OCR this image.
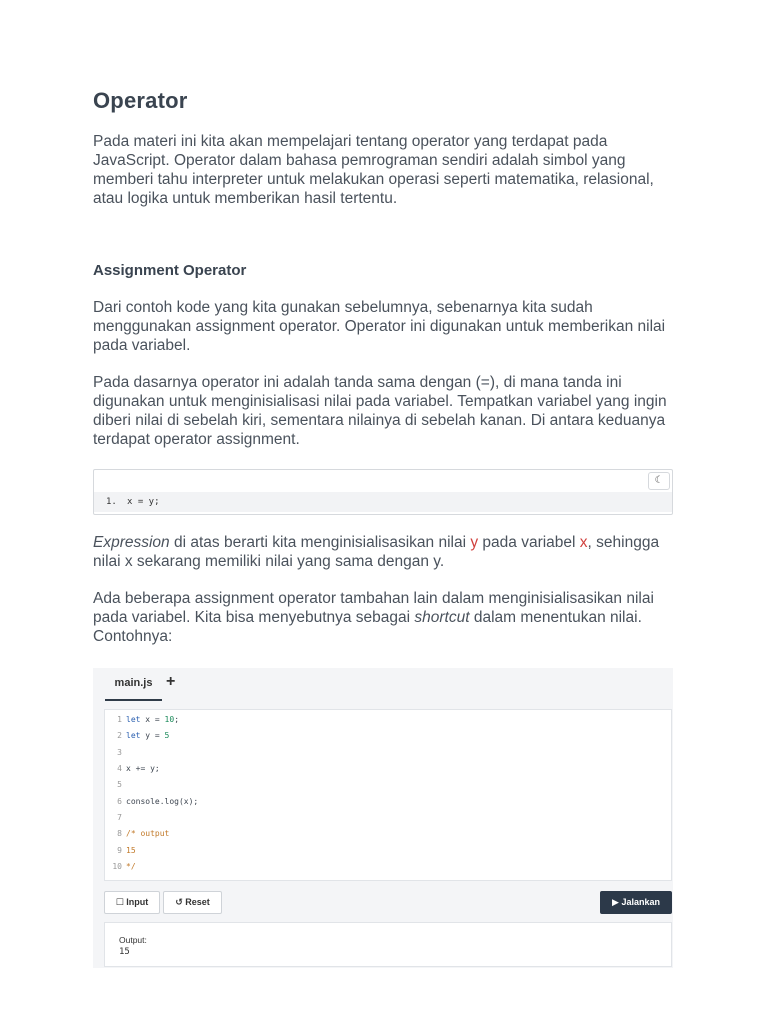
Operator

Pada materi ini kita akan mempelajari tentang operator yang terdapat pada JavaScript. Operator dalam bahasa pemrograman sendiri adalah simbol yang memberi tahu interpreter untuk melakukan operasi seperti matematika, relasional, atau logika untuk memberikan hasil tertentu.

Assignment Operator

Dari contoh kode yang kita gunakan sebelumnya, sebenarnya kita sudah menggunakan assignment operator. Operator ini digunakan untuk memberikan nilai pada variabel.

Pada dasarnya operator ini adalah tanda sama dengan (=), di mana tanda ini digunakan untuk menginisialisasi nilai pada variabel. Tempatkan variabel yang ingin diberi nilai di sebelah kiri, sementara nilainya di sebelah kanan. Di antara keduanya terdapat operator assignment.

☾
1. x = y;

Expression di atas berarti kita menginisialisasikan nilai y pada variabel x, sehingga nilai x sekarang memiliki nilai yang sama dengan y.

Ada beberapa assignment operator tambahan lain dalam menginisialisasikan nilai pada variabel. Kita bisa menyebutnya sebagai shortcut dalam menentukan nilai. Contohnya:

main.js +
1 let x = 10;
2 let y = 5
3
4 x += y;
5
6 console.log(x);
7
8 /* output
9 15
10 */
☐ Input	↺ Reset	▶ Jalankan
Output:
15
